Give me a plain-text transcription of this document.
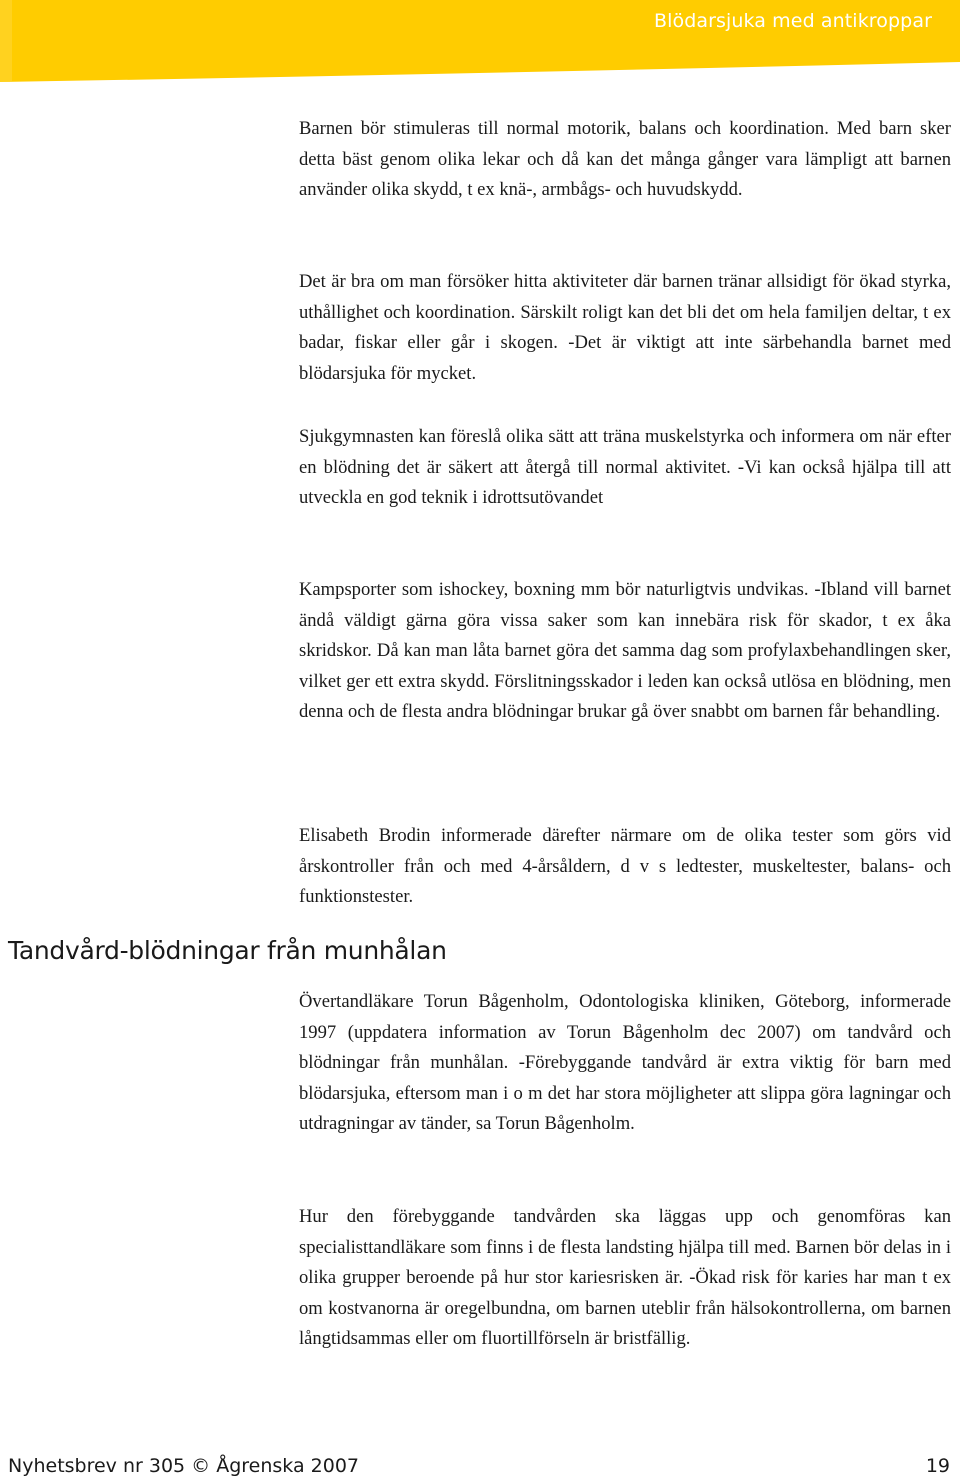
Blödarsjuka med antikroppar

Barnen bör stimuleras till normal motorik, balans och koordination. Med barn sker detta bäst genom olika lekar och då kan det många gånger vara lämpligt att barnen använder olika skydd, t ex knä-, armbågs- och huvudskydd.

Det är bra om man försöker hitta aktiviteter där barnen tränar allsidigt för ökad styrka, uthållighet och koordination. Särskilt roligt kan det bli det om hela familjen deltar, t ex badar, fiskar eller går i skogen. -Det är viktigt att inte särbehandla barnet med blödarsjuka för mycket.

Sjukgymnasten kan föreslå olika sätt att träna muskelstyrka och informera om när efter en blödning det är säkert att återgå till normal aktivitet. -Vi kan också hjälpa till att utveckla en god teknik i idrottsutövandet

Kampsporter som ishockey, boxning mm bör naturligtvis undvikas. -Ibland vill barnet ändå väldigt gärna göra vissa saker som kan innebära risk för skador, t ex åka skridskor. Då kan man låta barnet göra det samma dag som profylaxbehandlingen sker, vilket ger ett extra skydd. Förslitningsskador i leden kan också utlösa en blödning, men denna och de flesta andra blödningar brukar gå över snabbt om barnen får behandling.

Elisabeth Brodin informerade därefter närmare om de olika tester som görs vid årskontroller från och med 4-årsåldern, d v s ledtester, muskeltester, balans- och funktionstester.

Tandvård-blödningar från munhålan

Övertandläkare Torun Bågenholm, Odontologiska kliniken, Göteborg, informerade 1997 (uppdatera information av Torun Bågenholm dec 2007) om tandvård och blödningar från munhålan. -Förebyggande tandvård är extra viktig för barn med blödarsjuka, eftersom man i o m det har stora möjligheter att slippa göra lagningar och utdragningar av tänder, sa Torun Bågenholm.

Hur den förebyggande tandvården ska läggas upp och genomföras kan specialisttandläkare som finns i de flesta landsting hjälpa till med. Barnen bör delas in i olika grupper beroende på hur stor kariesrisken är. -Ökad risk för karies har man t ex om kostvanorna är oregelbundna, om barnen uteblir från hälsokontrollerna, om barnen långtidsammas eller om fluortillförseln är bristfällig.

Nyhetsbrev nr 305 © Ågrenska 2007	19
